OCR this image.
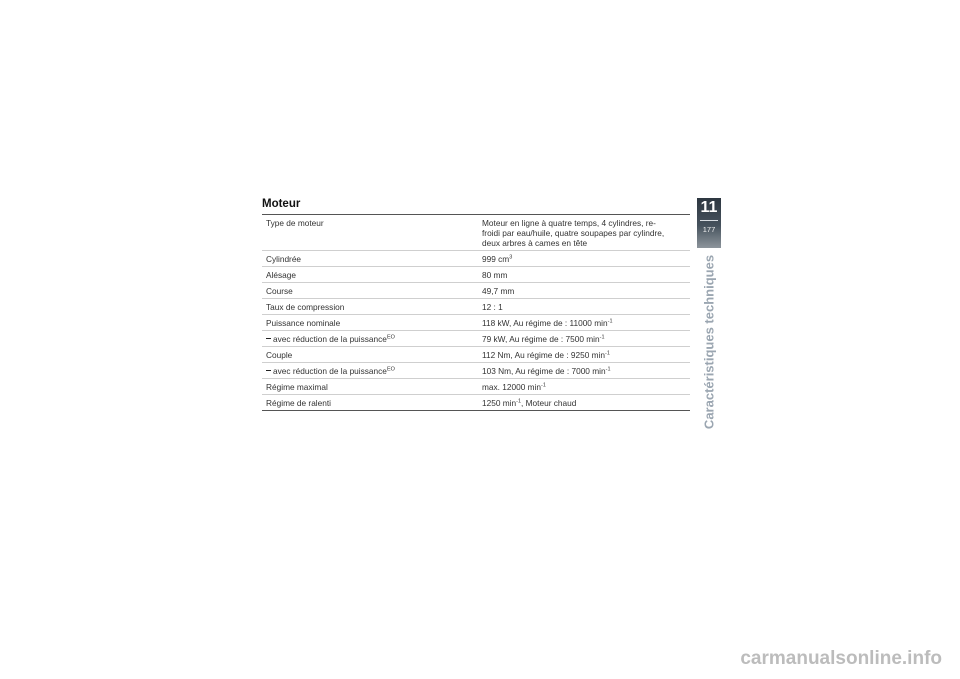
Moteur
Type de moteur	Moteur en ligne à quatre temps, 4 cylindres, re-
froidi par eau/huile, quatre soupapes par cylindre,
deux arbres à cames en tête
Cylindrée	999 $cm^3$
Alésage	80 mm
Course	49,7 mm
Taux de compression	12 : 1
Puissance nominale	118 kW, Au régime de : 11000 $\min^{-1}$
avec réduction de la puissance$^{EO}$	79 kW, Au régime de : 7500 $\min^{-1}$
Couple	112 Nm, Au régime de : 9250 $\min^{-1}$
avec réduction de la puissance$^{EO}$	103 Nm, Au régime de : 7000 $\min^{-1}$
Régime maximal	max. 12000 $\min^{-1}$
Régime de ralenti	1250 $\min^{-1}$, Moteur chaud
11
177
Caractéristiques techniques
carmanualsonline.info
